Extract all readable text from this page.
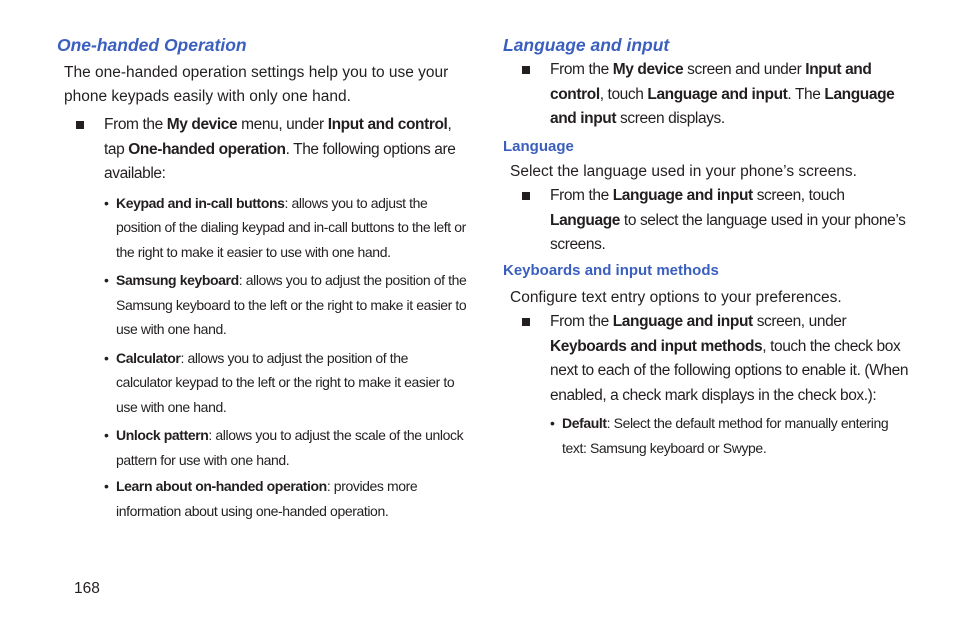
One-handed Operation

The one-handed operation settings help you to use your phone keypads easily with only one hand.

From the My device menu, under Input and control, tap One-handed operation. The following options are available:
• Keypad and in-call buttons: allows you to adjust the position of the dialing keypad and in-call buttons to the left or the right to make it easier to use with one hand.
• Samsung keyboard: allows you to adjust the position of the Samsung keyboard to the left or the right to make it easier to use with one hand.
• Calculator: allows you to adjust the position of the calculator keypad to the left or the right to make it easier to use with one hand.
• Unlock pattern: allows you to adjust the scale of the unlock pattern for use with one hand.
• Learn about on-handed operation: provides more information about using one-handed operation.
Language and input
From the My device screen and under Input and control, touch Language and input. The Language and input screen displays.
Language

Select the language used in your phone’s screens.

From the Language and input screen, touch Language to select the language used in your phone’s screens.
Keyboards and input methods

Configure text entry options to your preferences.

From the Language and input screen, under Keyboards and input methods, touch the check box next to each of the following options to enable it. (When enabled, a check mark displays in the check box.):
• Default: Select the default method for manually entering text: Samsung keyboard or Swype.
168
